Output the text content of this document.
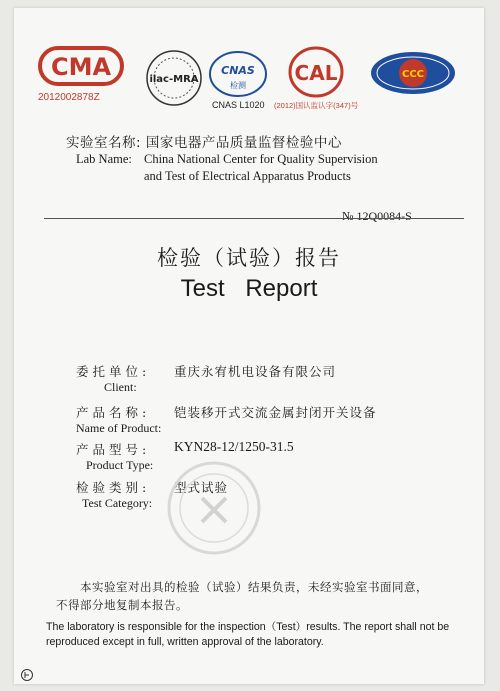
CMA
2012002878Z
ilac-MRA
CNAS
检测
CNAS L1020
CAL
(2012)国认监认字(347)号
CCC
实验室名称: 国家电器产品质量监督检验中心
Lab Name: China National Center for Quality Supervision
and Test of Electrical Apparatus Products
№ 12Q0084-S
检验（试验）报告
Test Report
委托单位: 重庆永宥机电设备有限公司
Client:
产品名称: 铠装移开式交流金属封闭开关设备
Name of Product:
产品型号: KYN28-12/1250-31.5
Product Type:
检验类别: 型式试验
Test Category:
本实验室对出具的检验（试验）结果负责，未经实验室书面同意，
不得部分地复制本报告。
The laboratory is responsible for the inspection（Test）results. The report shall not be reproduced except in full, written approval of the laboratory.
